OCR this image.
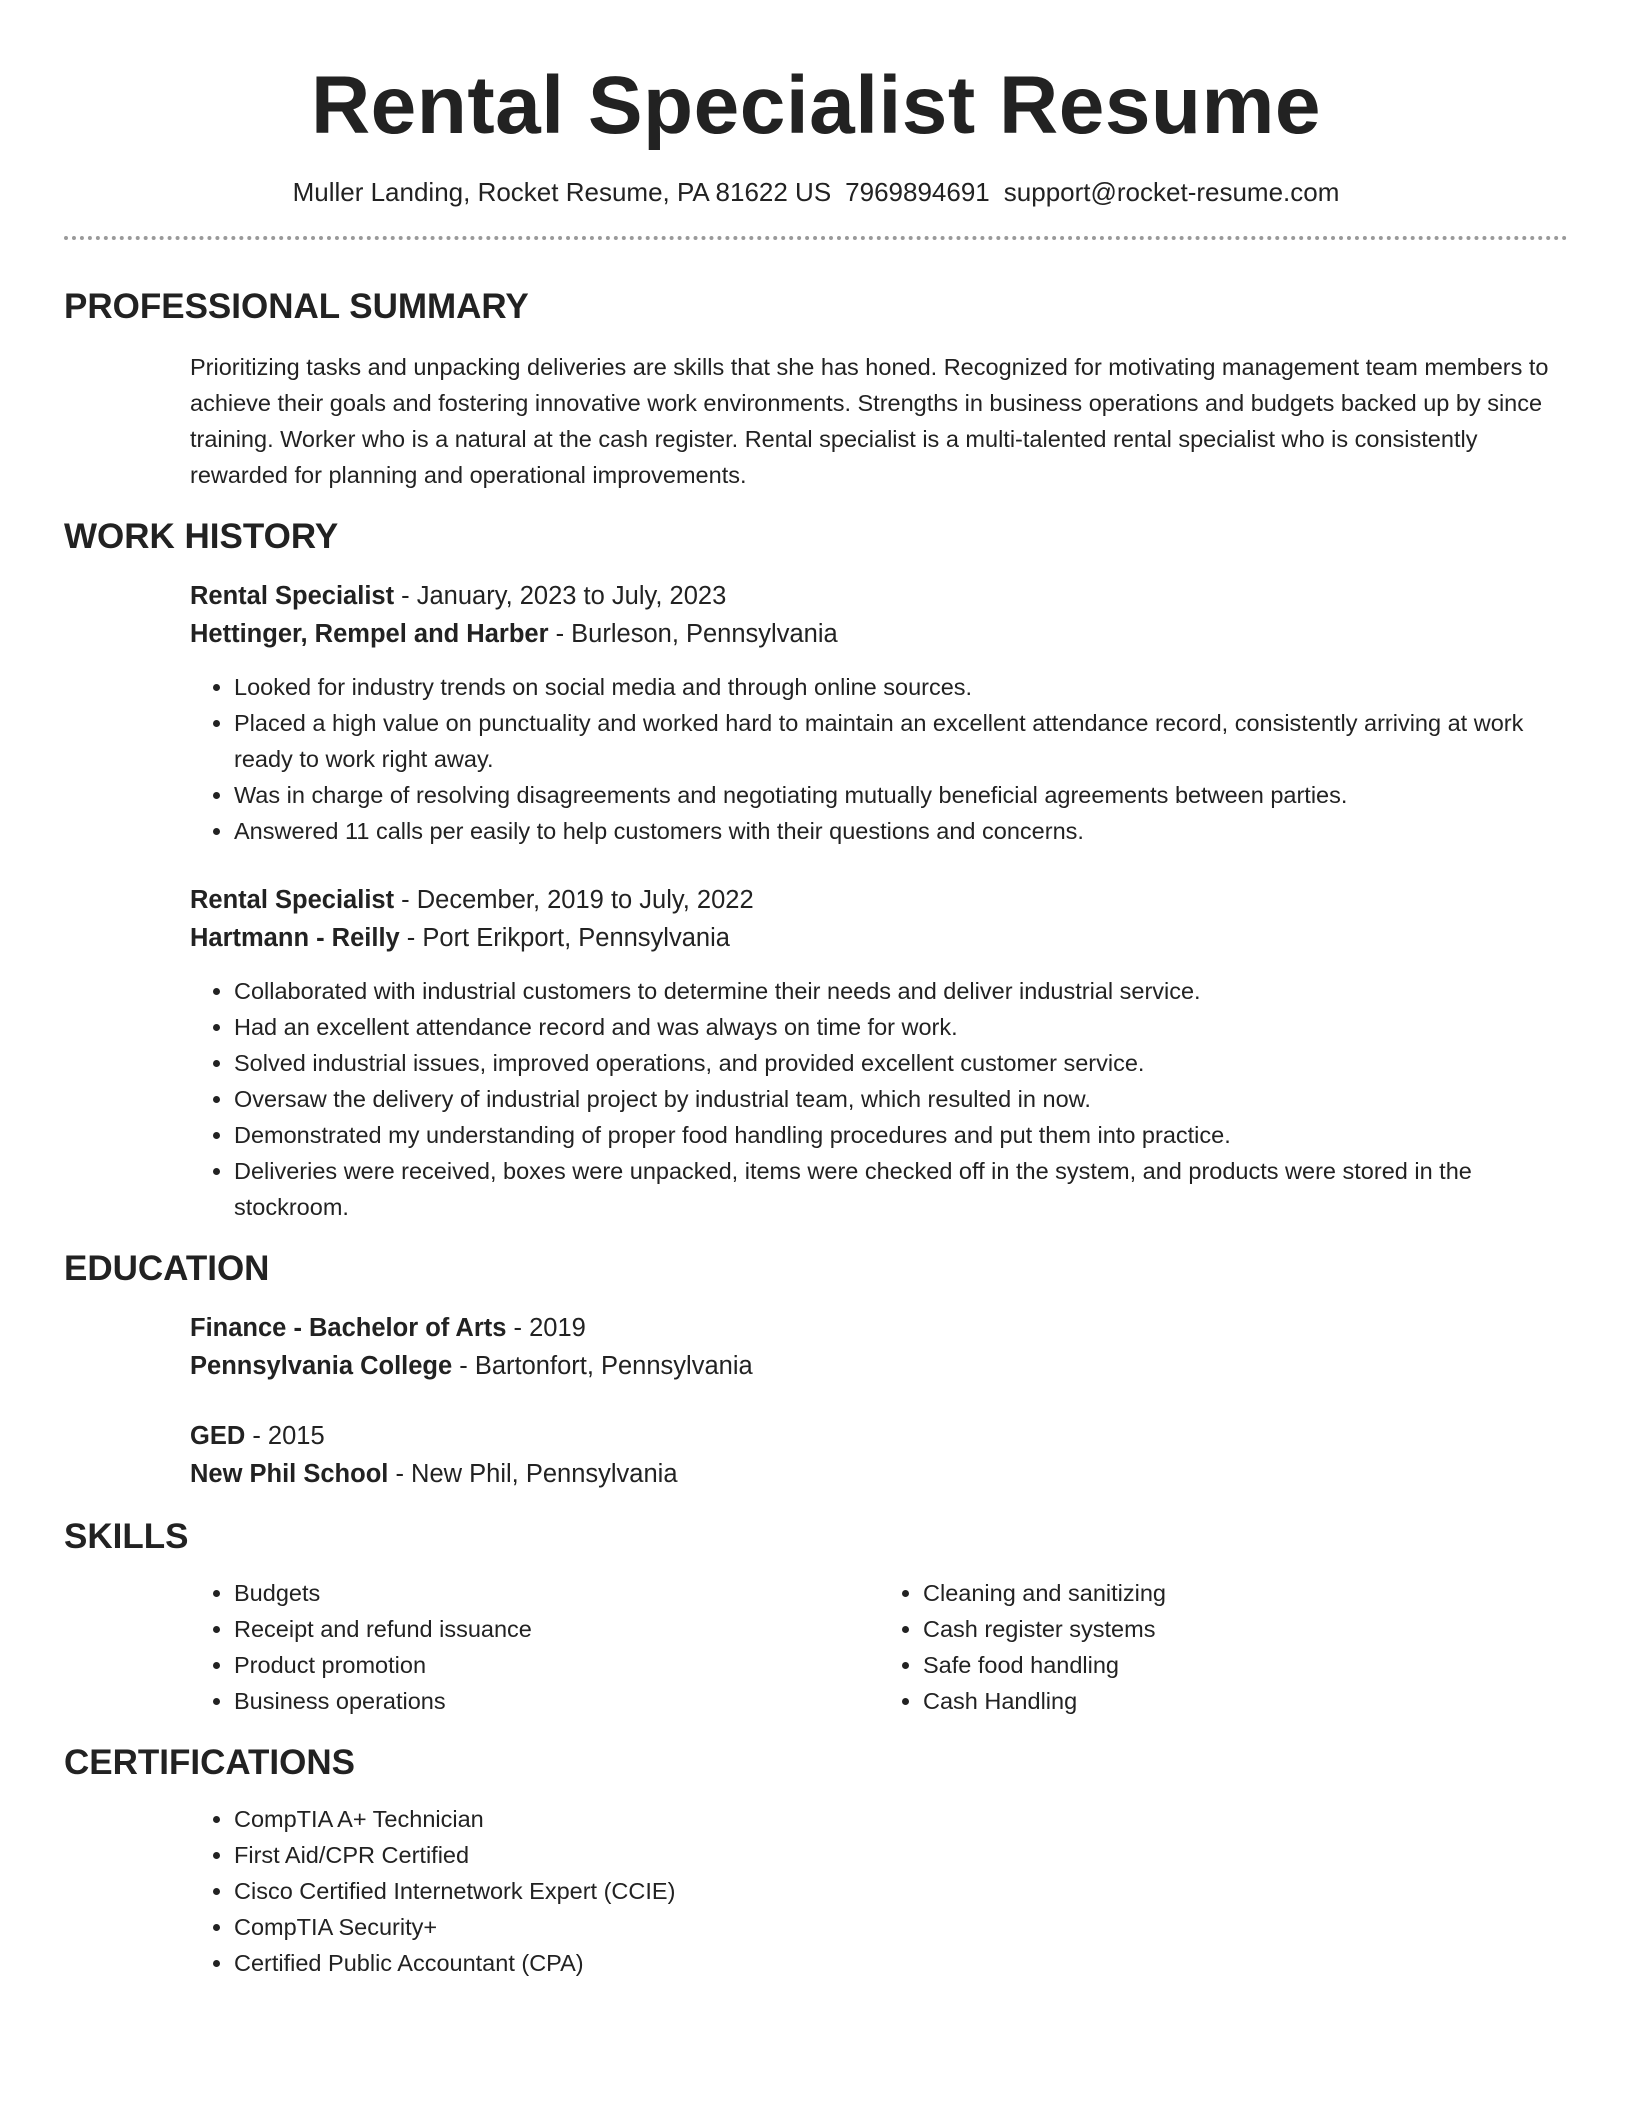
Rental Specialist Resume
Muller Landing, Rocket Resume, PA 81622 US 7969894691 support@rocket-resume.com
PROFESSIONAL SUMMARY

Prioritizing tasks and unpacking deliveries are skills that she has honed. Recognized for motivating management team members to achieve their goals and fostering innovative work environments. Strengths in business operations and budgets backed up by since training. Worker who is a natural at the cash register. Rental specialist is a multi-talented rental specialist who is consistently rewarded for planning and operational improvements.

WORK HISTORY
Rental Specialist - January, 2023 to July, 2023
Hettinger, Rempel and Harber - Burleson, Pennsylvania
• Looked for industry trends on social media and through online sources.
• Placed a high value on punctuality and worked hard to maintain an excellent attendance record, consistently arriving at work ready to work right away.
• Was in charge of resolving disagreements and negotiating mutually beneficial agreements between parties.
• Answered 11 calls per easily to help customers with their questions and concerns.
Rental Specialist - December, 2019 to July, 2022
Hartmann - Reilly - Port Erikport, Pennsylvania
• Collaborated with industrial customers to determine their needs and deliver industrial service.
• Had an excellent attendance record and was always on time for work.
• Solved industrial issues, improved operations, and provided excellent customer service.
• Oversaw the delivery of industrial project by industrial team, which resulted in now.
• Demonstrated my understanding of proper food handling procedures and put them into practice.
• Deliveries were received, boxes were unpacked, items were checked off in the system, and products were stored in the stockroom.
EDUCATION
Finance - Bachelor of Arts - 2019
Pennsylvania College - Bartonfort, Pennsylvania
GED - 2015
New Phil School - New Phil, Pennsylvania
SKILLS
• Budgets
• Receipt and refund issuance
• Product promotion
• Business operations
• Cleaning and sanitizing
• Cash register systems
• Safe food handling
• Cash Handling
CERTIFICATIONS
• CompTIA A+ Technician
• First Aid/CPR Certified
• Cisco Certified Internetwork Expert (CCIE)
• CompTIA Security+
• Certified Public Accountant (CPA)
